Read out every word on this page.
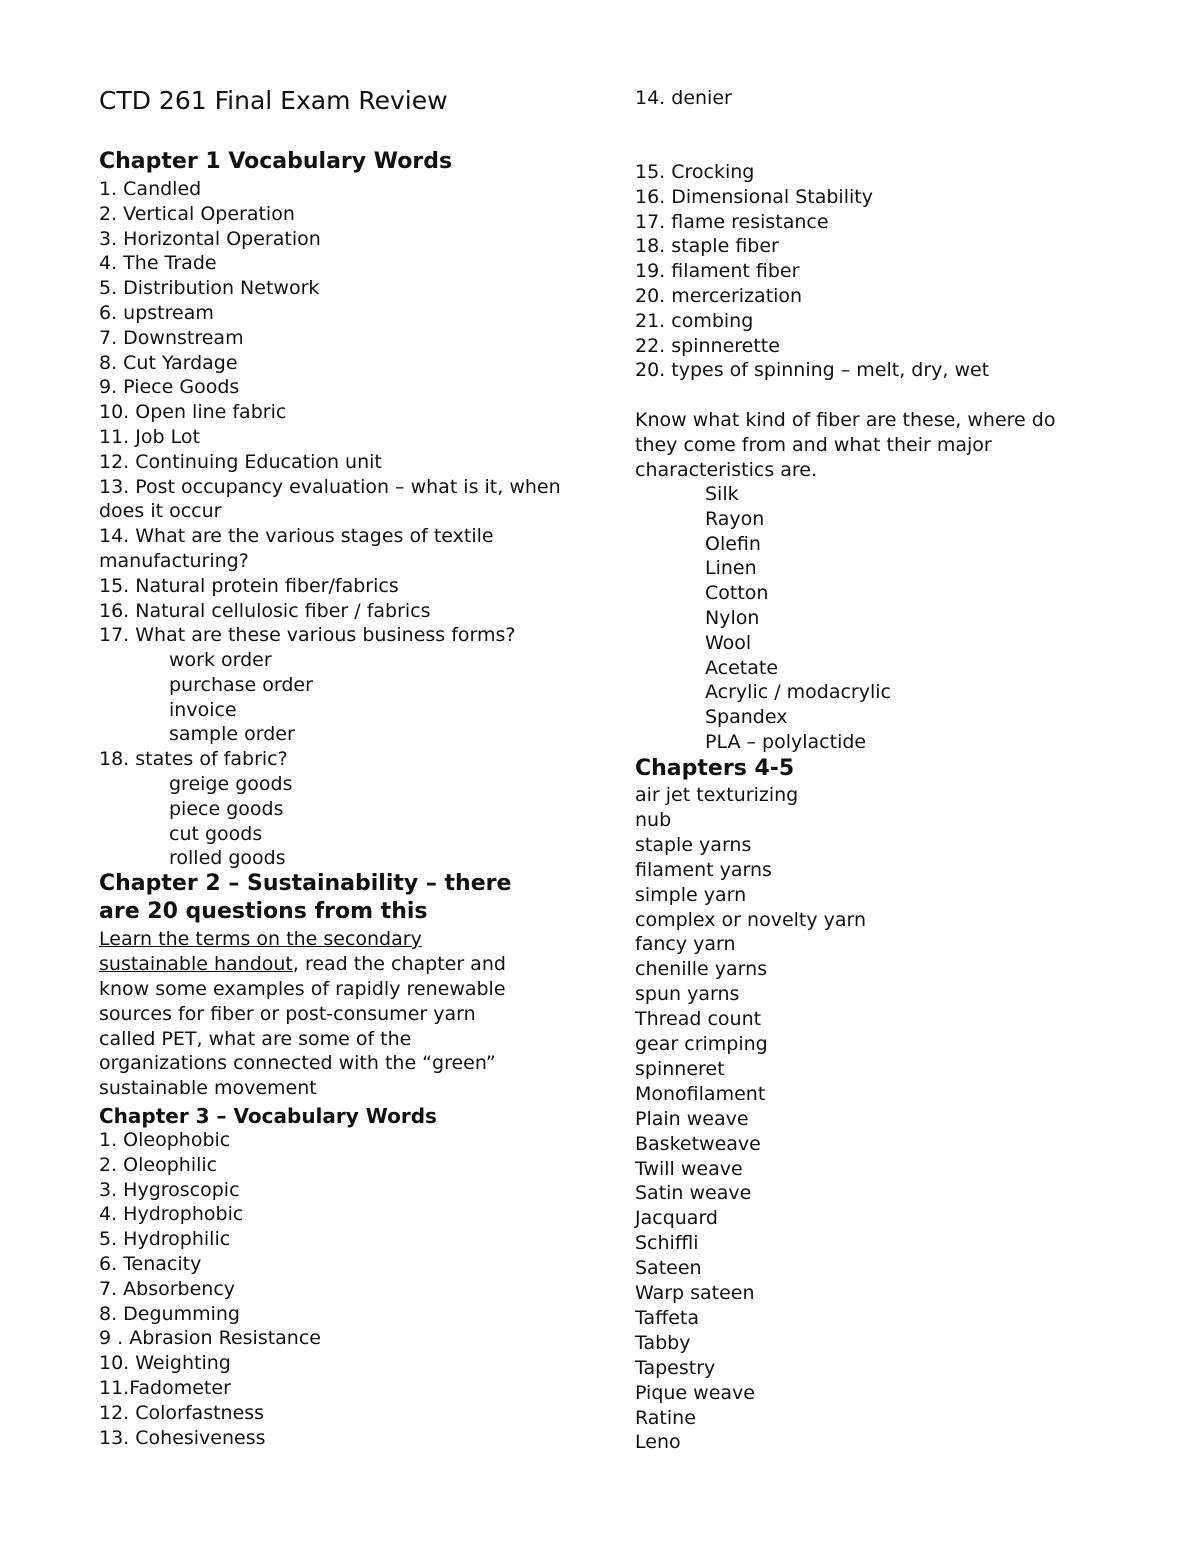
CTD 261 Final Exam Review
Chapter 1 Vocabulary Words
1. Candled
2. Vertical Operation
3. Horizontal Operation
4. The Trade
5. Distribution Network
6. upstream
7. Downstream
8. Cut Yardage
9. Piece Goods
10. Open line fabric
11. Job Lot
12. Continuing Education unit
13. Post occupancy evaluation – what is it, when
does it occur
14. What are the various stages of textile
manufacturing?
15. Natural protein fiber/fabrics
16. Natural cellulosic fiber / fabrics
17. What are these various business forms?
work order
purchase order
invoice
sample order
18. states of fabric?
greige goods
piece goods
cut goods
rolled goods
Chapter 2 – Sustainability – there
are 20 questions from this
Learn the terms on the secondary
sustainable handout, read the chapter and
know some examples of rapidly renewable
sources for fiber or post-consumer yarn
called PET, what are some of the
organizations connected with the “green”
sustainable movement
Chapter 3 – Vocabulary Words
1. Oleophobic
2. Oleophilic
3. Hygroscopic
4. Hydrophobic
5. Hydrophilic
6. Tenacity
7. Absorbency
8. Degumming
9 . Abrasion Resistance
10. Weighting
11.Fadometer
12. Colorfastness
13. Cohesiveness
14. denier
15. Crocking
16. Dimensional Stability
17. flame resistance
18. staple fiber
19. filament fiber
20. mercerization
21. combing
22. spinnerette
20. types of spinning – melt, dry, wet
Know what kind of fiber are these, where do
they come from and what their major
characteristics are.
Silk
Rayon
Olefin
Linen
Cotton
Nylon
Wool
Acetate
Acrylic / modacrylic
Spandex
PLA – polylactide
Chapters 4-5
air jet texturizing
nub
staple yarns
filament yarns
simple yarn
complex or novelty yarn
fancy yarn
chenille yarns
spun yarns
Thread count
gear crimping
spinneret
Monofilament
Plain weave
Basketweave
Twill weave
Satin weave
Jacquard
Schiffli
Sateen
Warp sateen
Taffeta
Tabby
Tapestry
Pique weave
Ratine
Leno
